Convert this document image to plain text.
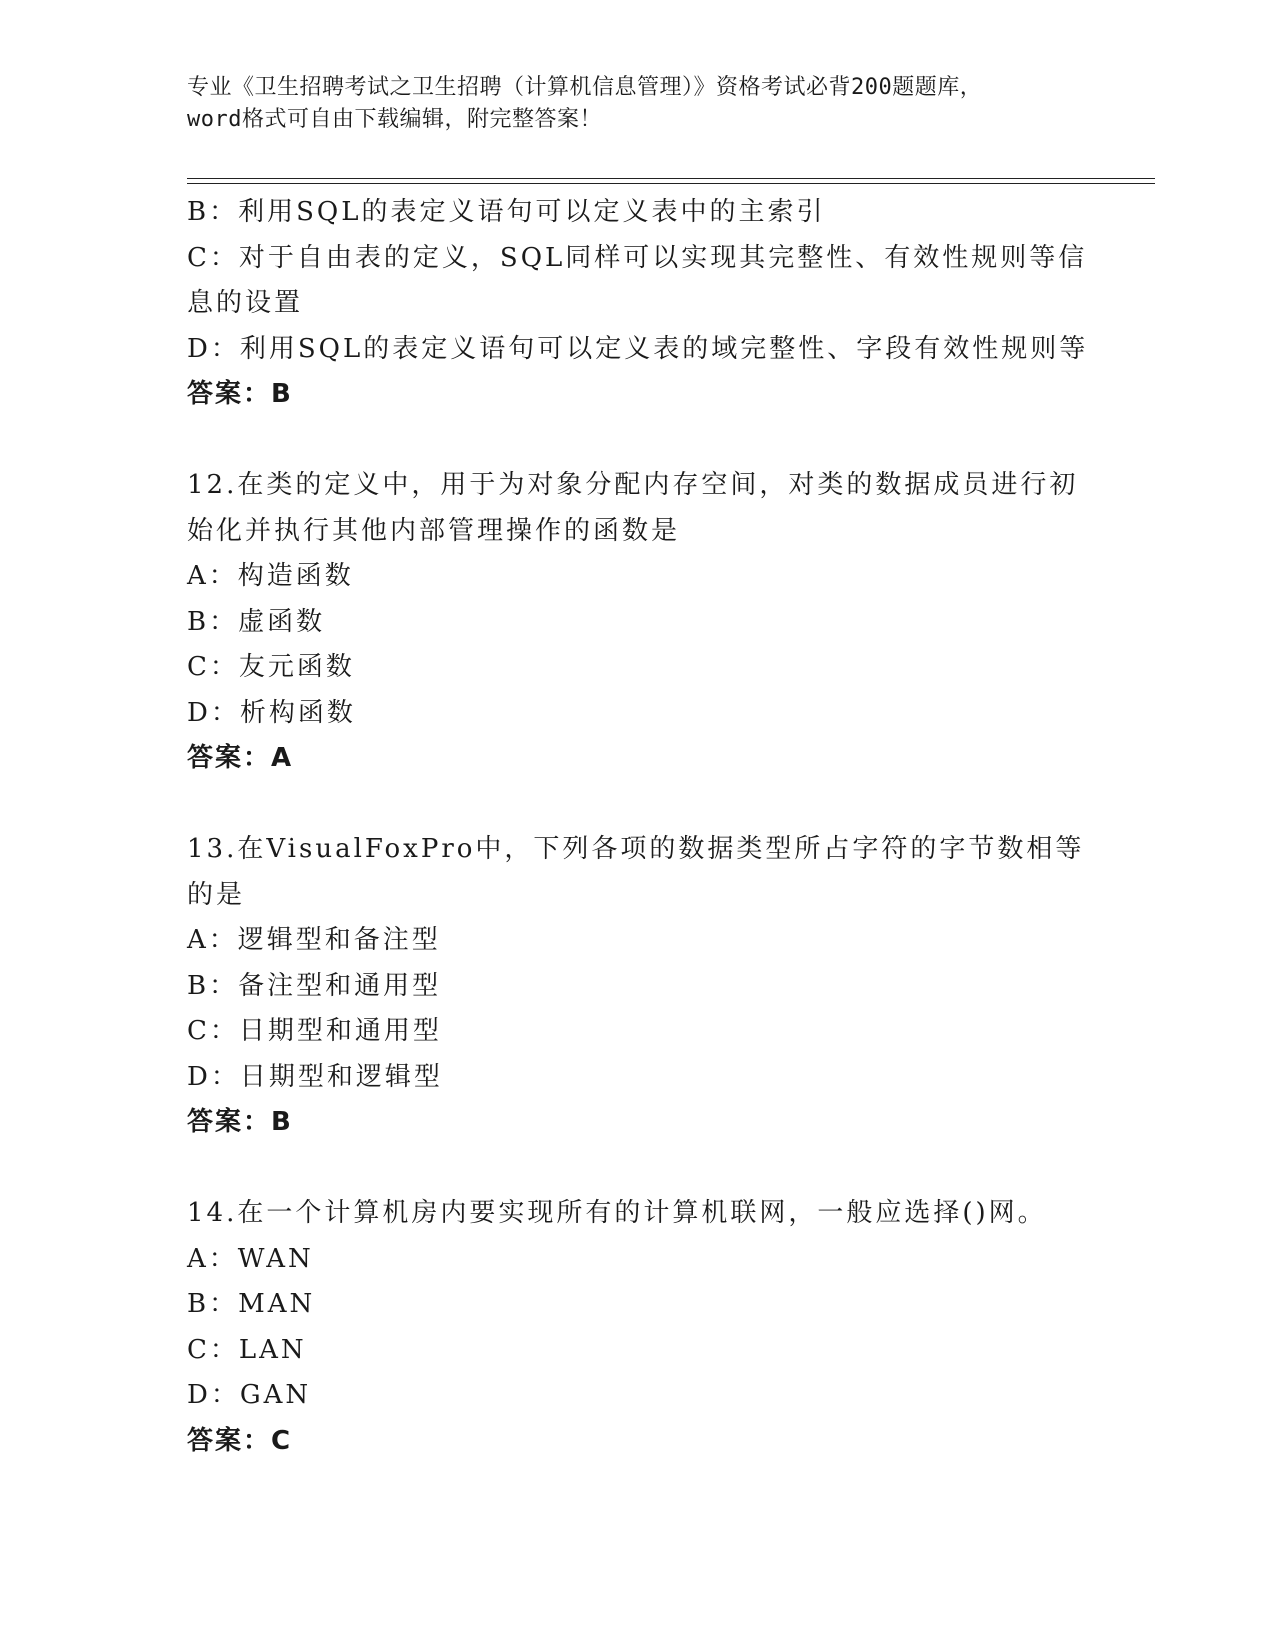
专业《卫生招聘考试之卫生招聘（计算机信息管理）》资格考试必背200题题库，
word格式可自由下载编辑，附完整答案！
B：利用SQL的表定义语句可以定义表中的主索引
C：对于自由表的定义，SQL同样可以实现其完整性、有效性规则等信
息的设置
D：利用SQL的表定义语句可以定义表的域完整性、字段有效性规则等
答案：B
12.在类的定义中，用于为对象分配内存空间，对类的数据成员进行初
始化并执行其他内部管理操作的函数是
A：构造函数
B：虚函数
C：友元函数
D：析构函数
答案：A
13.在VisualFoxPro中，下列各项的数据类型所占字符的字节数相等
的是
A：逻辑型和备注型
B：备注型和通用型
C：日期型和通用型
D：日期型和逻辑型
答案：B
14.在一个计算机房内要实现所有的计算机联网，一般应选择()网。
A：WAN
B：MAN
C：LAN
D：GAN
答案：C
